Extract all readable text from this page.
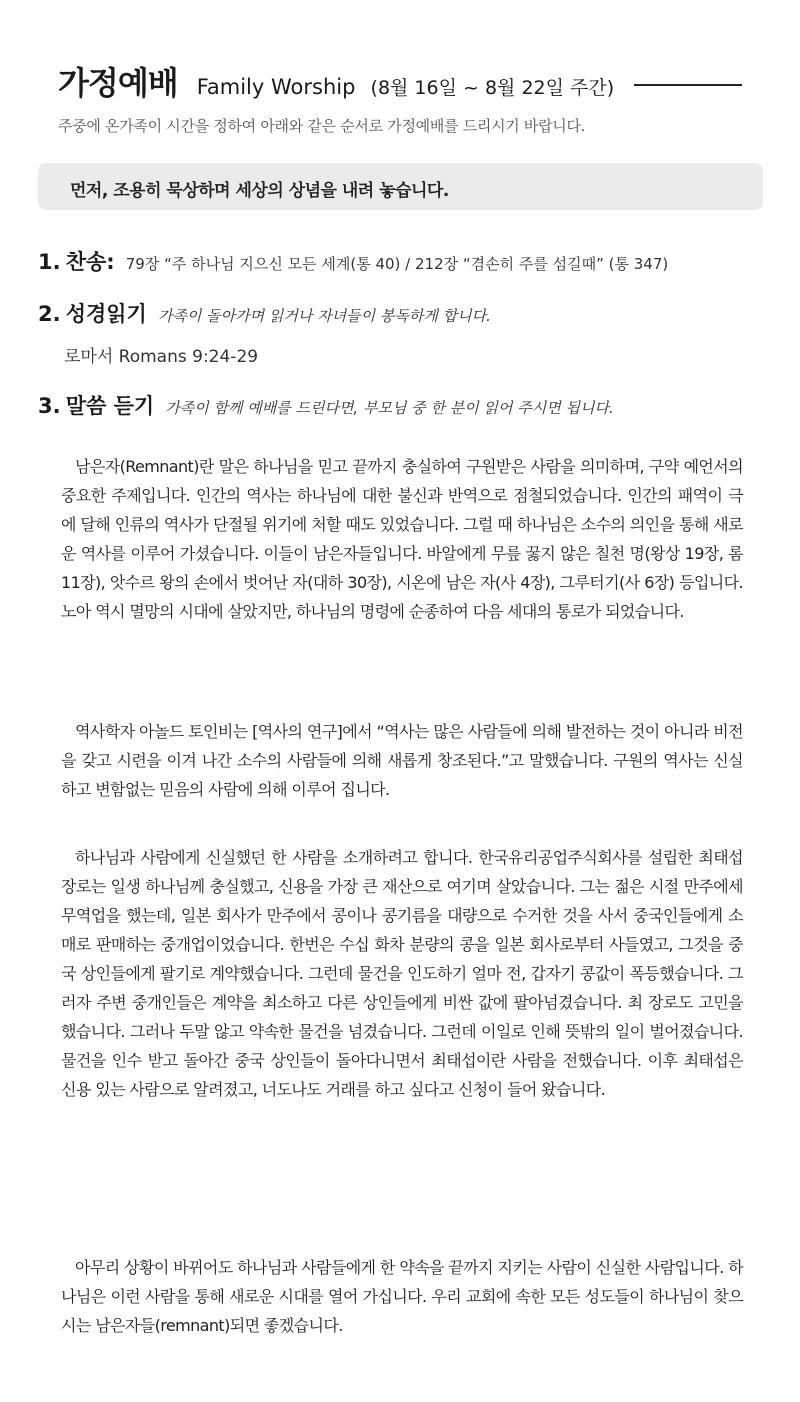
가정예배 Family Worship (8월 16일 ~ 8월 22일 주간)
주중에 온가족이 시간을 정하여 아래와 같은 순서로 가정예배를 드리시기 바랍니다.
먼저, 조용히 묵상하며 세상의 상념을 내려 놓습니다.
1. 찬송: 79장 “주 하나님 지으신 모든 세계(통 40) / 212장 “겸손히 주를 섬길때” (통 347)
2. 성경읽기 가족이 돌아가며 읽거나 자녀들이 봉독하게 합니다.
로마서 Romans 9:24-29
3. 말씀 듣기 가족이 함께 예배를 드린다면, 부모님 중 한 분이 읽어 주시면 됩니다.

남은자(Remnant)란 말은 하나님을 믿고 끝까지 충실하여 구원받은 사람을 의미하며, 구약 예언서의 중요한 주제입니다. 인간의 역사는 하나님에 대한 불신과 반역으로 점철되었습니다. 인간의 패역이 극에 달해 인류의 역사가 단절될 위기에 처할 때도 있었습니다. 그럴 때 하나님은 소수의 의인을 통해 새로운 역사를 이루어 가셨습니다. 이들이 남은자들입니다. 바알에게 무릎 꿇지 않은 칠천 명(왕상 19장, 롬 11장), 앗수르 왕의 손에서 벗어난 자(대하 30장), 시온에 남은 자(사 4장), 그루터기(사 6장) 등입니다. 노아 역시 멸망의 시대에 살았지만, 하나님의 명령에 순종하여 다음 세대의 통로가 되었습니다.

역사학자 아놀드 토인비는 [역사의 연구]에서 “역사는 많은 사람들에 의해 발전하는 것이 아니라 비전을 갖고 시련을 이겨 나간 소수의 사람들에 의해 새롭게 창조된다.”고 말했습니다. 구원의 역사는 신실하고 변함없는 믿음의 사람에 의해 이루어 집니다.

하나님과 사람에게 신실했던 한 사람을 소개하려고 합니다. 한국유리공업주식회사를 설립한 최태섭 장로는 일생 하나님께 충실했고, 신용을 가장 큰 재산으로 여기며 살았습니다. 그는 젊은 시절 만주에세 무역업을 했는데, 일본 회사가 만주에서 콩이나 콩기름을 대량으로 수거한 것을 사서 중국인들에게 소매로 판매하는 중개업이었습니다. 한번은 수십 화차 분량의 콩을 일본 회사로부터 사들였고, 그것을 중국 상인들에게 팔기로 계약했습니다. 그런데 물건을 인도하기 얼마 전, 갑자기 콩값이 폭등했습니다. 그러자 주변 중개인들은 계약을 최소하고 다른 상인들에게 비싼 값에 팔아넘겼습니다. 최 장로도 고민을 했습니다. 그러나 두말 않고 약속한 물건을 넘겼습니다. 그런데 이일로 인해 뜻밖의 일이 벌어졌습니다. 물건을 인수 받고 돌아간 중국 상인들이 돌아다니면서 최태섭이란 사람을 전했습니다. 이후 최태섭은 신용 있는 사람으로 알려졌고, 너도나도 거래를 하고 싶다고 신청이 들어 왔습니다.

아무리 상황이 바뀌어도 하나님과 사람들에게 한 약속을 끝까지 지키는 사람이 신실한 사람입니다. 하나님은 이런 사람을 통해 새로운 시대를 열어 가십니다. 우리 교회에 속한 모든 성도들이 하나님이 찾으시는 남은자들(remnant)되면 좋겠습니다.
